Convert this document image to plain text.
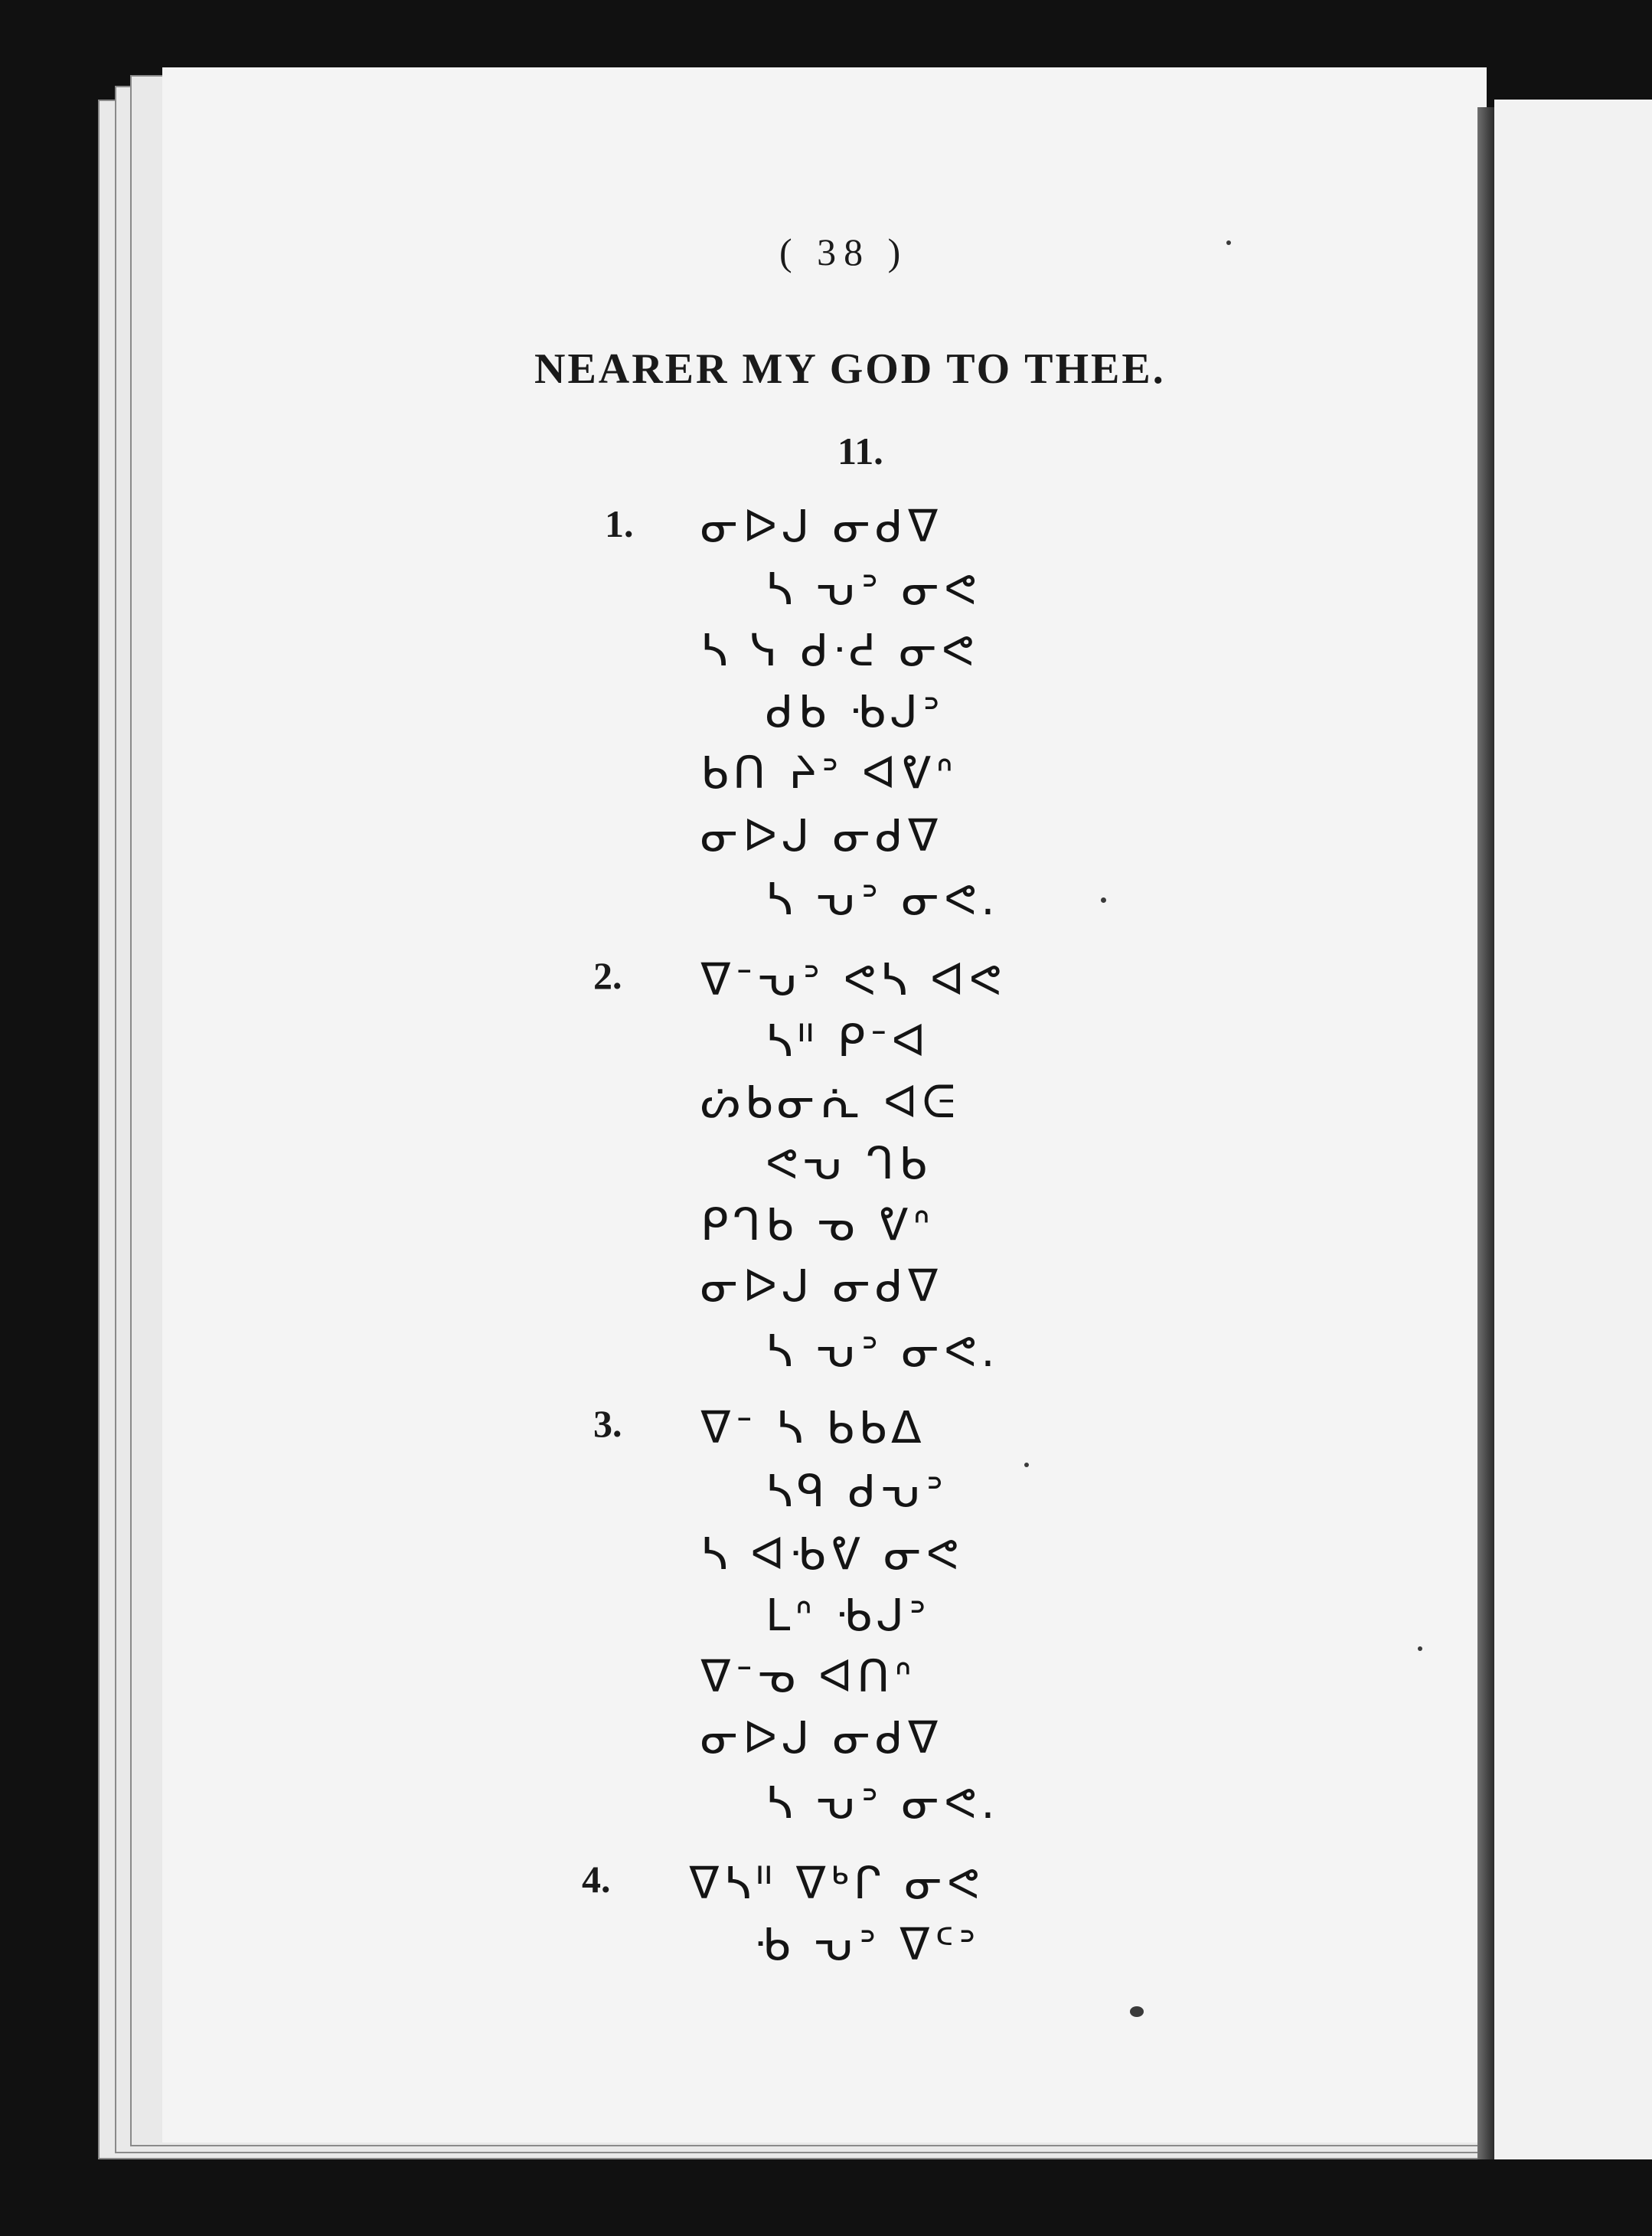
( 38 )
NEARER MY GOD TO THEE.
11.
1. ᓂᐅᒍ ᓂᑯᐁ
ᓴ ᕃᐣ ᓂᕙ
ᓴ ᓭ ᑯᐧᕍ ᓂᕙ
ᑯᑲ ᑾᒍᐣ
ᑲᑎ ᔨᐣ ᐊᕓᐢ
ᓂᐅᒍ ᓂᑯᐁ
ᓴ ᕃᐣ ᓂᕙ.
2. ᐁᐨᕃᐣ ᕙᓴ ᐊᕙ
ᓴᐦ ᑭᐨᐊ
ᔖᑲᓂᕇ ᐊᕮ
ᕙᕃ ᒉᑲ
ᑭᒉᑲ ᓀ ᕓᐢ
ᓂᐅᒍ ᓂᑯᐁ
ᓴ ᕃᐣ ᓂᕙ.
3. ᐁᐨ ᓴ ᑲᑲᐃ
ᓴᑫ ᑯᕃᐣ
ᓴ ᐊᑾᕓ ᓂᕙ
ᒪᐢ ᑾᒍᐣ
ᐁᐨᓀ ᐊᑎᐢ
ᓂᐅᒍ ᓂᑯᐁ
ᓴ ᕃᐣ ᓂᕙ.
4. ᐁᓴᐦ ᐁᒃᒋ ᓂᕙ
ᑾ ᕃᐣ ᐁᑦᐣ
